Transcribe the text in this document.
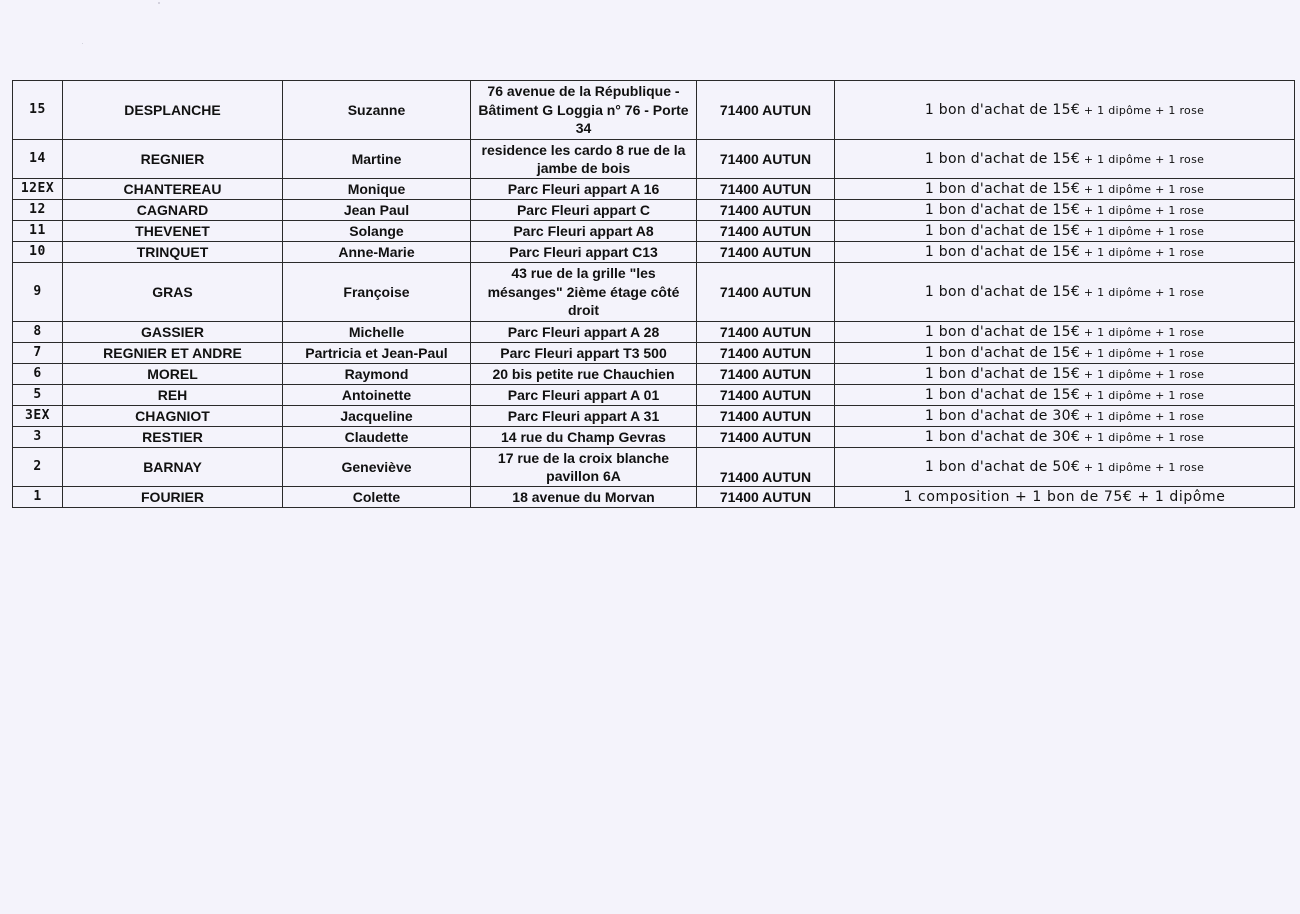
15	DESPLANCHE	Suzanne	76 avenue de la République - Bâtiment G Loggia n° 76 - Porte 34	71400 AUTUN	1 bon d'achat de 15€ + 1 dipôme + 1 rose
14	REGNIER	Martine	residence les cardo 8 rue de la jambe de bois	71400 AUTUN	1 bon d'achat de 15€ + 1 dipôme + 1 rose
12EX	CHANTEREAU	Monique	Parc Fleuri appart A 16	71400 AUTUN	1 bon d'achat de 15€ + 1 dipôme + 1 rose
12	CAGNARD	Jean Paul	Parc Fleuri appart C	71400 AUTUN	1 bon d'achat de 15€ + 1 dipôme + 1 rose
11	THEVENET	Solange	Parc Fleuri appart A8	71400 AUTUN	1 bon d'achat de 15€ + 1 dipôme + 1 rose
10	TRINQUET	Anne-Marie	Parc Fleuri appart C13	71400 AUTUN	1 bon d'achat de 15€ + 1 dipôme + 1 rose
9	GRAS	Françoise	43 rue de la grille "les mésanges" 2ième étage côté droit	71400 AUTUN	1 bon d'achat de 15€ + 1 dipôme + 1 rose
8	GASSIER	Michelle	Parc Fleuri appart A 28	71400 AUTUN	1 bon d'achat de 15€ + 1 dipôme + 1 rose
7	REGNIER ET ANDRE	Partricia et Jean-Paul	Parc Fleuri appart T3 500	71400 AUTUN	1 bon d'achat de 15€ + 1 dipôme + 1 rose
6	MOREL	Raymond	20 bis petite rue Chauchien	71400 AUTUN	1 bon d'achat de 15€ + 1 dipôme + 1 rose
5	REH	Antoinette	Parc Fleuri appart A 01	71400 AUTUN	1 bon d'achat de 15€ + 1 dipôme + 1 rose
3EX	CHAGNIOT	Jacqueline	Parc Fleuri appart A 31	71400 AUTUN	1 bon d'achat de 30€ + 1 dipôme + 1 rose
3	RESTIER	Claudette	14 rue du Champ Gevras	71400 AUTUN	1 bon d'achat de 30€ + 1 dipôme + 1 rose
2	BARNAY	Geneviève	17 rue de la croix blanche pavillon 6A	71400 AUTUN	1 bon d'achat de 50€ + 1 dipôme + 1 rose
1	FOURIER	Colette	18 avenue du Morvan	71400 AUTUN	1 composition + 1 bon de 75€ + 1 dipôme
